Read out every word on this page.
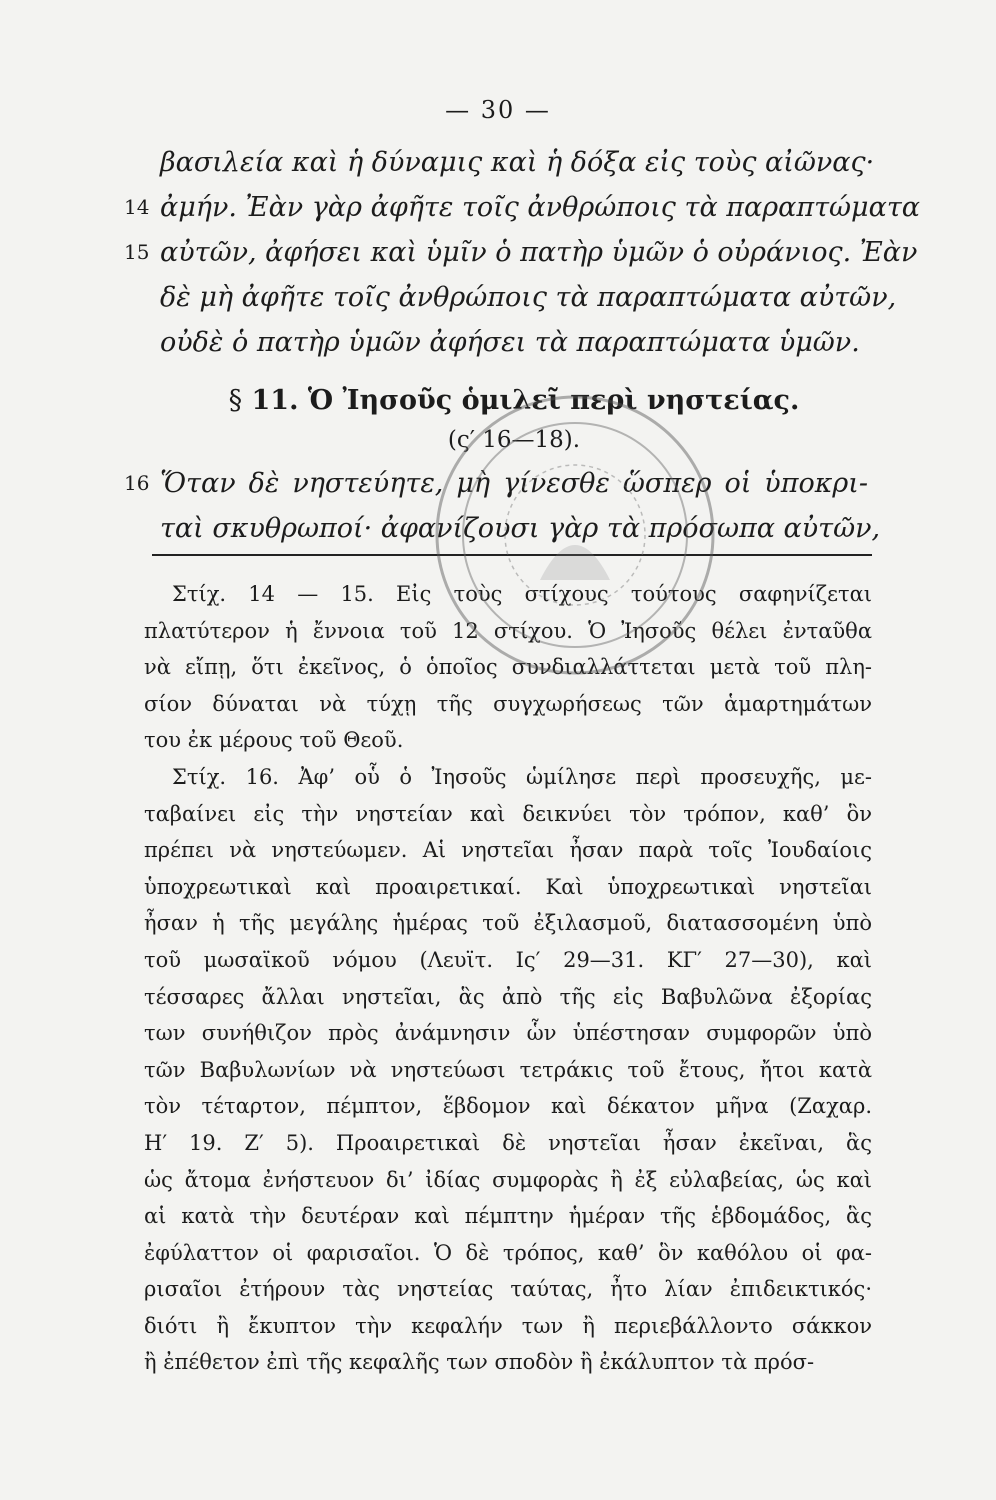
— 30 —
βασιλεία καὶ ἡ δύναμις καὶ ἡ δόξα εἰς τοὺς αἰῶνας·
14 ἀμήν. Ἐὰν γὰρ ἀφῆτε τοῖς ἀνθρώποις τὰ παραπτώματα
15 αὐτῶν, ἀφήσει καὶ ὑμῖν ὁ πατὴρ ὑμῶν ὁ οὐράνιος. Ἐὰν
δὲ μὴ ἀφῆτε τοῖς ἀνθρώποις τὰ παραπτώματα αὐτῶν,
οὐδὲ ὁ πατὴρ ὑμῶν ἀφήσει τὰ παραπτώματα ὑμῶν.
§ 11. Ὁ Ἰησοῦς ὁμιλεῖ περὶ νηστείας.
(ς′ 16—18).
16 Ὅταν δὲ νηστεύητε, μὴ γίνεσθε ὥσπερ οἱ ὑποκρι-
ταὶ σκυθρωποί· ἀφανίζουσι γὰρ τὰ πρόσωπα αὐτῶν,
Στίχ. 14 — 15. Εἰς τοὺς στίχους τούτους σαφηνίζεται
πλατύτερον ἡ ἔννοια τοῦ 12 στίχου. Ὁ Ἰησοῦς θέλει ἐνταῦθα
νὰ εἴπῃ, ὅτι ἐκεῖνος, ὁ ὁποῖος συνδιαλλάττεται μετὰ τοῦ πλη-
σίον δύναται νὰ τύχῃ τῆς συγχωρήσεως τῶν ἁμαρτημάτων
του ἐκ μέρους τοῦ Θεοῦ.
Στίχ. 16. Ἀφ’ οὗ ὁ Ἰησοῦς ὡμίλησε περὶ προσευχῆς, με-
ταβαίνει εἰς τὴν νηστείαν καὶ δεικνύει τὸν τρόπον, καθ’ ὃν
πρέπει νὰ νηστεύωμεν. Αἱ νηστεῖαι ἦσαν παρὰ τοῖς Ἰουδαίοις
ὑποχρεωτικαὶ καὶ προαιρετικαί. Καὶ ὑποχρεωτικαὶ νηστεῖαι
ἦσαν ἡ τῆς μεγάλης ἡμέρας τοῦ ἐξιλασμοῦ, διατασσομένη ὑπὸ
τοῦ μωσαϊκοῦ νόμου (Λευϊτ. Ις′ 29—31. ΚΓ′ 27—30), καὶ
τέσσαρες ἄλλαι νηστεῖαι, ἃς ἀπὸ τῆς εἰς Βαβυλῶνα ἐξορίας
των συνήθιζον πρὸς ἀνάμνησιν ὧν ὑπέστησαν συμφορῶν ὑπὸ
τῶν Βαβυλωνίων νὰ νηστεύωσι τετράκις τοῦ ἔτους, ἤτοι κατὰ
τὸν τέταρτον, πέμπτον, ἕβδομον καὶ δέκατον μῆνα (Ζαχαρ.
Η′ 19. Ζ′ 5). Προαιρετικαὶ δὲ νηστεῖαι ἦσαν ἐκεῖναι, ἃς
ὡς ἄτομα ἐνήστευον δι’ ἰδίας συμφορὰς ἢ ἐξ εὐλαβείας, ὡς καὶ
αἱ κατὰ τὴν δευτέραν καὶ πέμπτην ἡμέραν τῆς ἑβδομάδος, ἃς
ἐφύλαττον οἱ φαρισαῖοι. Ὁ δὲ τρόπος, καθ’ ὃν καθόλου οἱ φα-
ρισαῖοι ἐτήρουν τὰς νηστείας ταύτας, ἦτο λίαν ἐπιδεικτικός·
διότι ἢ ἔκυπτον τὴν κεφαλήν των ἢ περιεβάλλοντο σάκκον
ἢ ἐπέθετον ἐπὶ τῆς κεφαλῆς των σποδὸν ἢ ἐκάλυπτον τὰ πρόσ-
